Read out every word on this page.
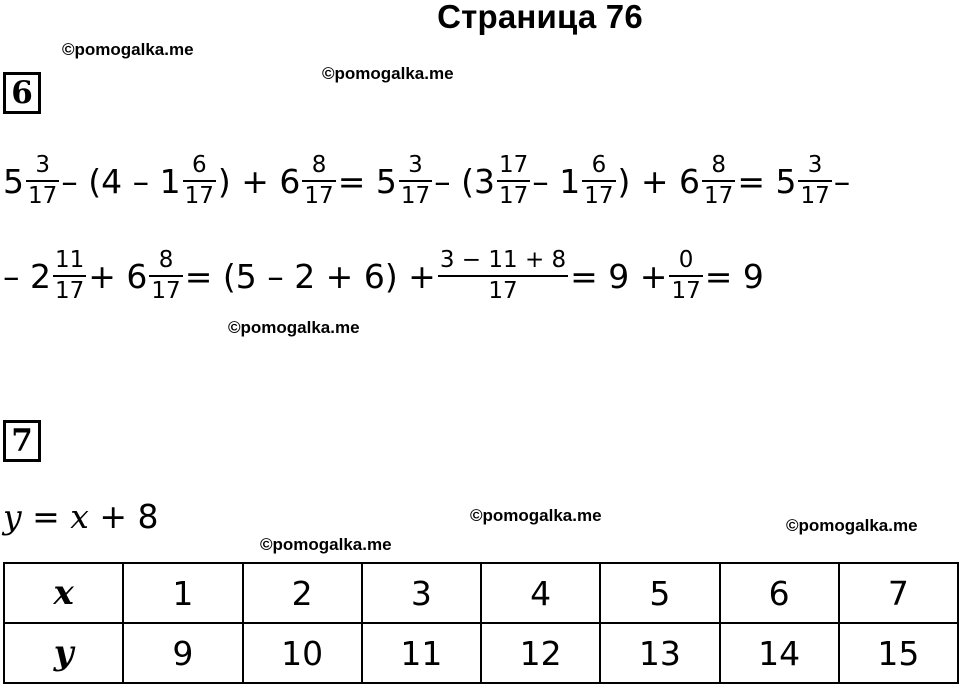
Страница 76
©pomogalka.me
©pomogalka.me
©pomogalka.me
©pomogalka.me
©pomogalka.me
©pomogalka.me
6
$5 \frac{3}{17} - (4 - 1 \frac{6}{17}$ ) + $6 \frac{8}{17} = 5 \frac{3}{17} - (3 \frac{17}{17} - 1 \frac{6}{17}$ ) + $6 \frac{8}{17} = 5 \frac{3}{17}$ –
– $2 \frac{11}{17} + 6 \frac{8}{17} = (5 - 2 + 6) + \frac{3 - 11 + 8}{17} = 9 + \frac{0}{17} = 9$
7
y = x + 8
x	1	2	3	4	5	6	7
y	9	10	11	12	13	14	15
